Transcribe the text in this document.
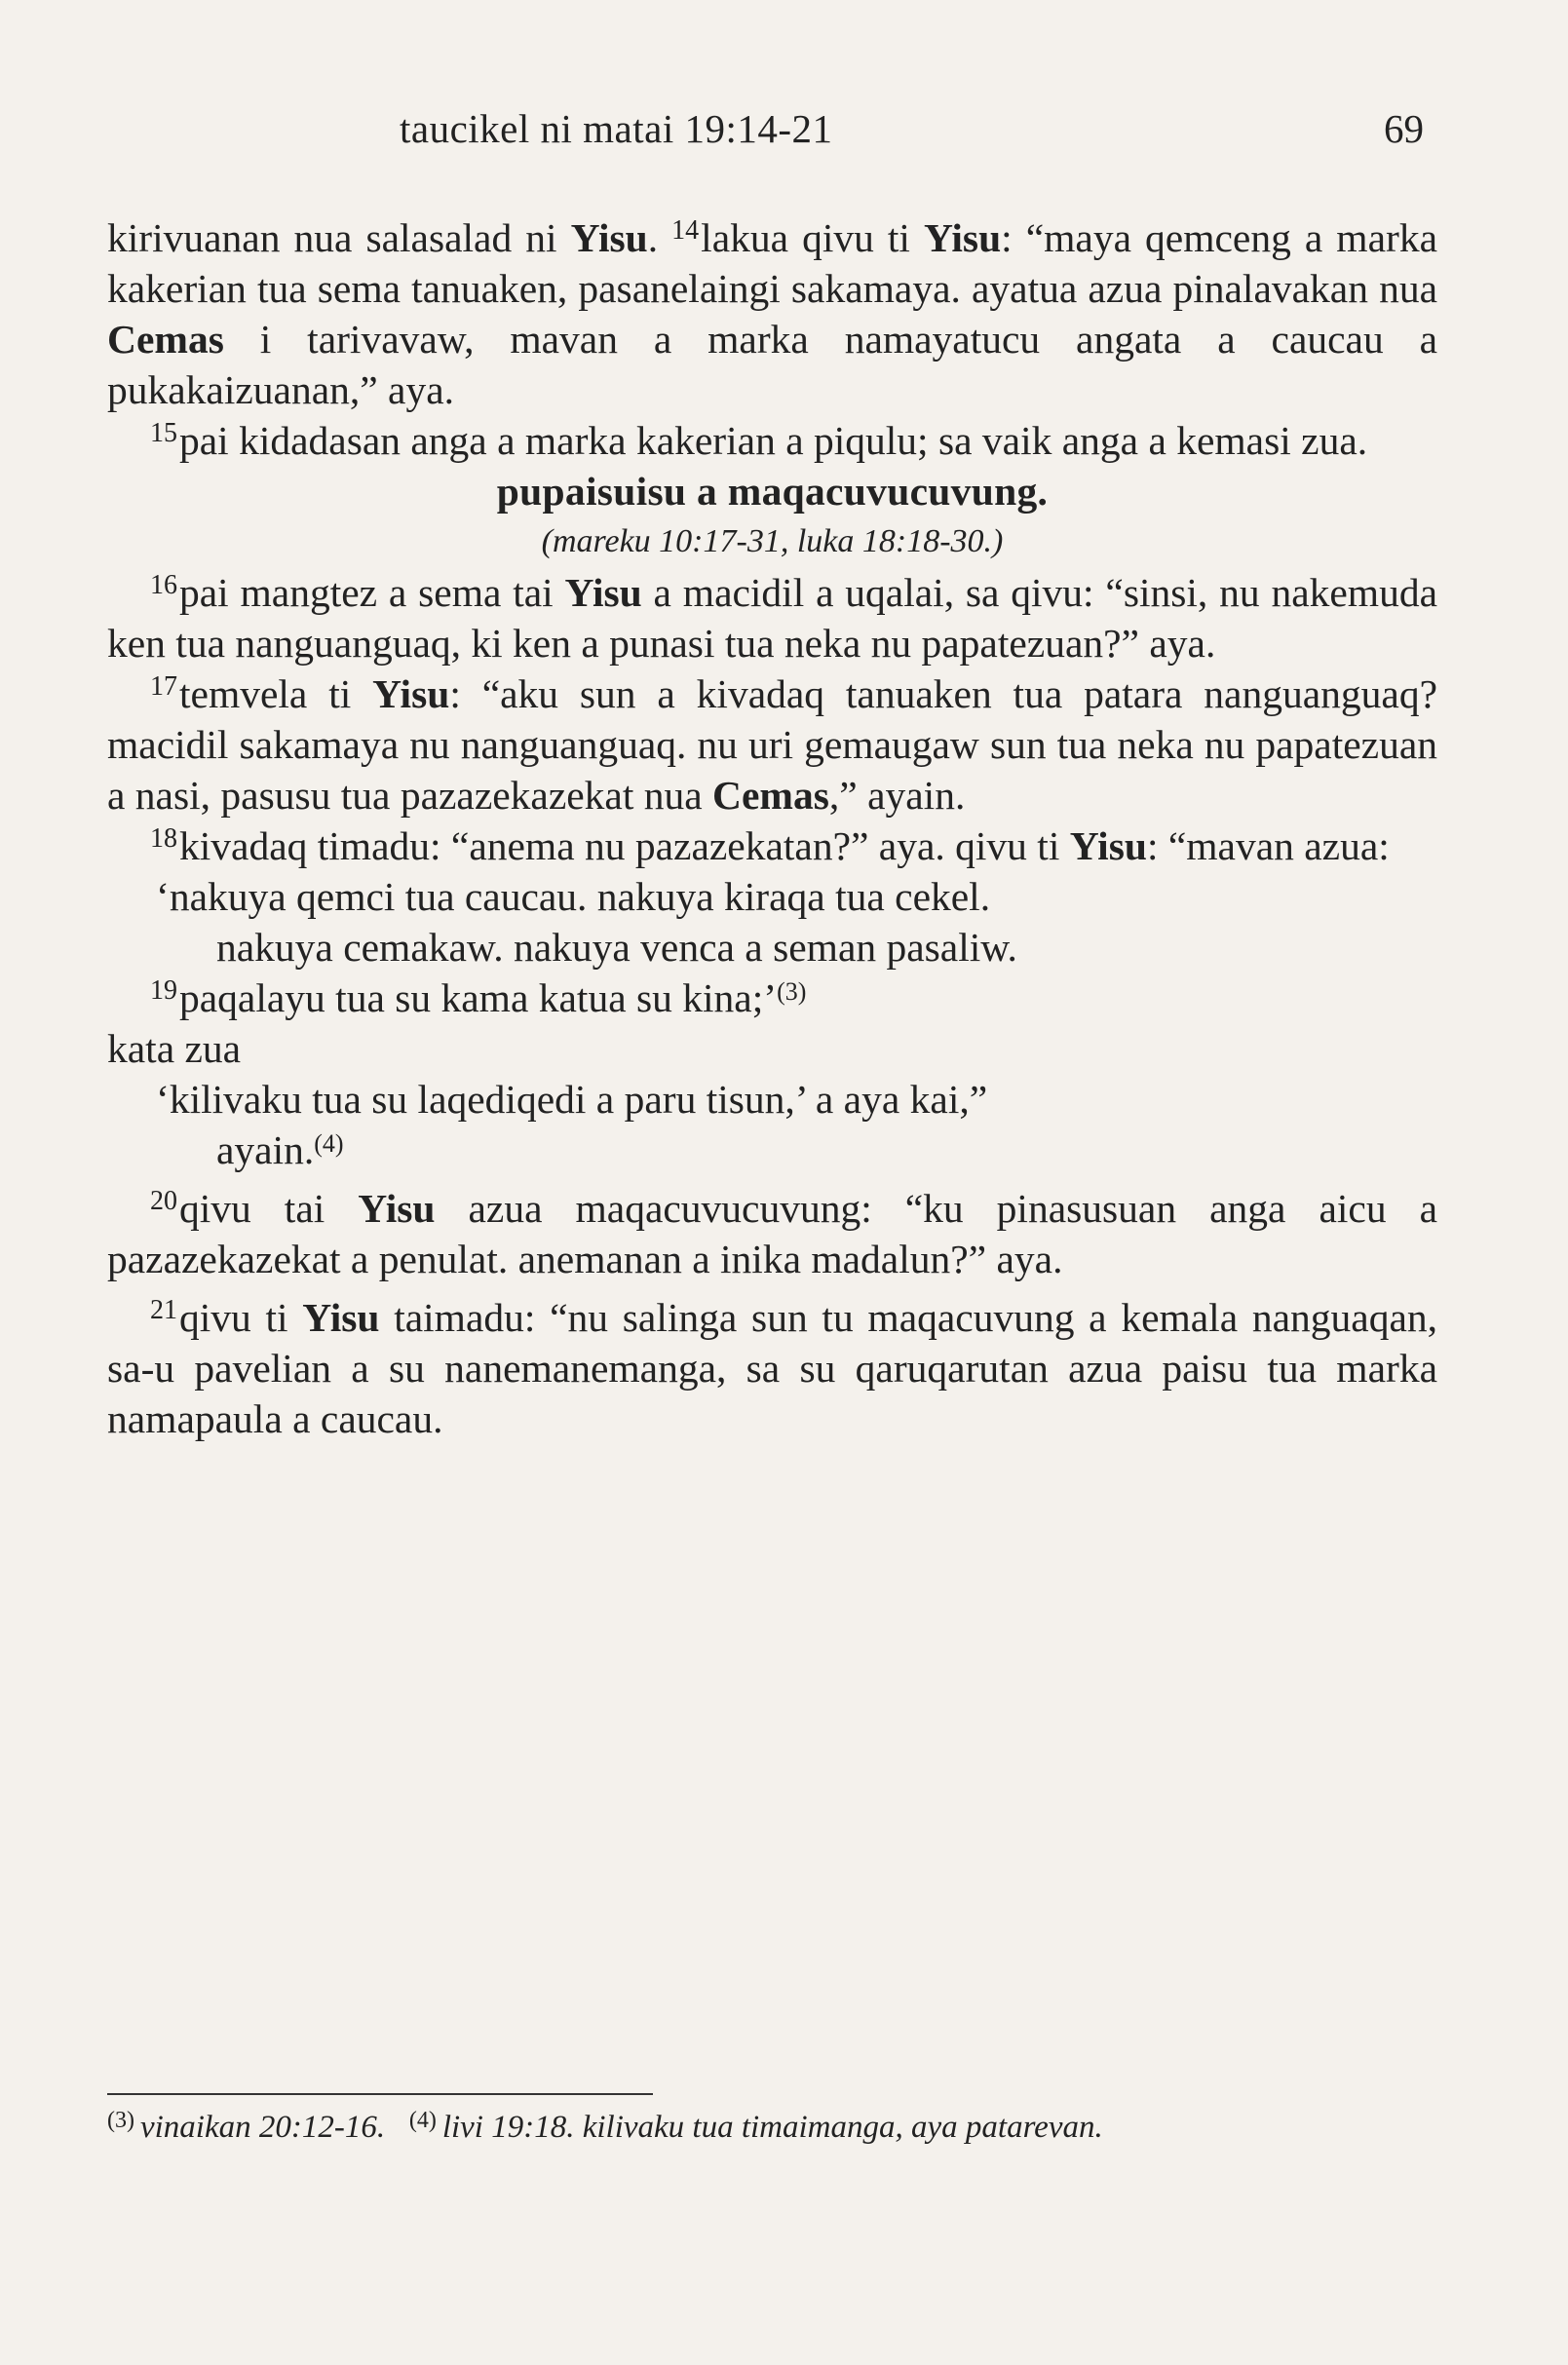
taucikel ni matai 19:14-21	69

kirivuanan nua salasalad ni Yisu. $^{14}$lakua qivu ti Yisu: “maya qemceng a marka kakerian tua sema tanuaken, pasanelaingi sakamaya. ayatua azua pinalavakan nua Cemas i tarivavaw, mavan a marka namayatucu angata a caucau a pukakaizuanan,” aya.

$^{15}$pai kidadasan anga a marka kakerian a piqulu; sa vaik anga a kemasi zua.

pupaisuisu a maqacuvucuvung.

(mareku 10:17-31, luka 18:18-30.)

$^{16}$pai mangtez a sema tai Yisu a macidil a uqalai, sa qivu: “sinsi, nu nakemuda ken tua nanguanguaq, ki ken a punasi tua neka nu papatezuan?” aya.

$^{17}$temvela ti Yisu: “aku sun a kivadaq tanuaken tua patara nanguanguaq? macidil sakamaya nu nanguanguaq. nu uri gemaugaw sun tua neka nu papatezuan a nasi, pasusu tua pazazekazekat nua Cemas,” ayain.

$^{18}$kivadaq timadu: “anema nu pazazekatan?” aya. qivu ti Yisu: “mavan azua:

‘nakuya qemci tua caucau. nakuya kiraqa tua cekel.

nakuya cemakaw. nakuya venca a seman pasaliw.

$^{19}$paqalayu tua su kama katua su kina;’$^{(3)}$

kata zua

‘kilivaku tua su laqediqedi a paru tisun,’ a aya kai,”

ayain.$^{(4)}$

$^{20}$qivu tai Yisu azua maqacuvucuvung: “ku pinasusuan anga aicu a pazazekazekat a penulat. anemanan a inika madalun?” aya.

$^{21}$qivu ti Yisu taimadu: “nu salinga sun tu maqacuvung a kemala nanguaqan, sa-u pavelian a su nanemanemanga, sa su qaruqarutan azua paisu tua marka namapaula a caucau.

$^{(3)}$ vinaikan 20:12-16. $^{(4)}$ livi 19:18. kilivaku tua timaimanga, aya patarevan.
